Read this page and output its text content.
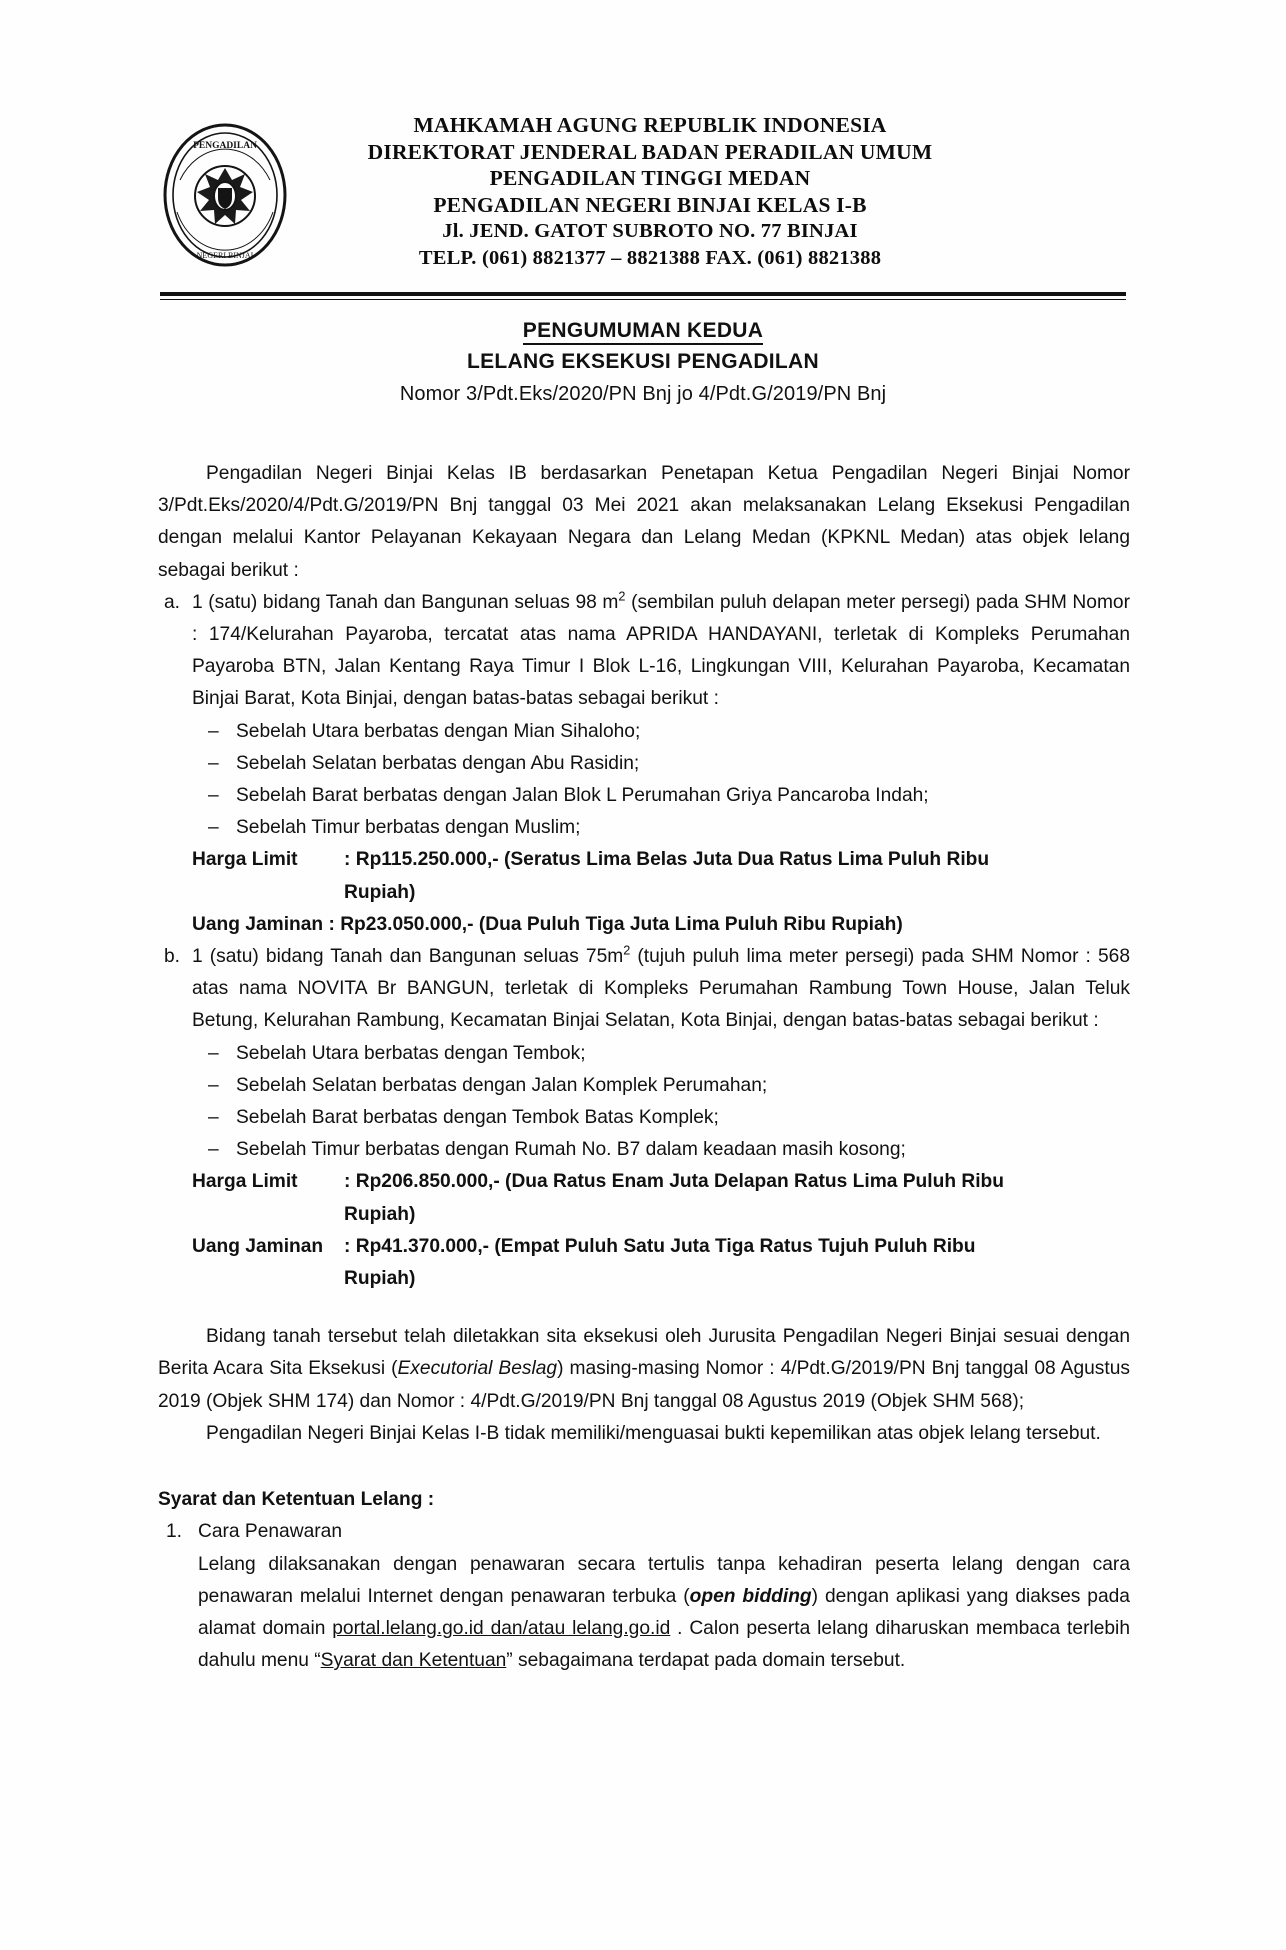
PENGADILAN
NEGERI BINJAI
MAHKAMAH AGUNG REPUBLIK INDONESIA
DIREKTORAT JENDERAL BADAN PERADILAN UMUM
PENGADILAN TINGGI MEDAN
PENGADILAN NEGERI BINJAI KELAS I-B
Jl. JEND. GATOT SUBROTO NO. 77 BINJAI
TELP. (061) 8821377 – 8821388 FAX. (061) 8821388
PENGUMUMAN KEDUA
LELANG EKSEKUSI PENGADILAN
Nomor 3/Pdt.Eks/2020/PN Bnj jo 4/Pdt.G/2019/PN Bnj

Pengadilan Negeri Binjai Kelas IB berdasarkan Penetapan Ketua Pengadilan Negeri Binjai Nomor 3/Pdt.Eks/2020/4/Pdt.G/2019/PN Bnj tanggal 03 Mei 2021 akan melaksanakan Lelang Eksekusi Pengadilan dengan melalui Kantor Pelayanan Kekayaan Negara dan Lelang Medan (KPKNL Medan) atas objek lelang sebagai berikut :

a. 1 (satu) bidang Tanah dan Bangunan seluas 98 $m^2$ (sembilan puluh delapan meter persegi) pada SHM Nomor : 174/Kelurahan Payaroba, tercatat atas nama APRIDA HANDAYANI, terletak di Kompleks Perumahan Payaroba BTN, Jalan Kentang Raya Timur I Blok L-16, Lingkungan VIII, Kelurahan Payaroba, Kecamatan Binjai Barat, Kota Binjai, dengan batas-batas sebagai berikut :
– Sebelah Utara berbatas dengan Mian Sihaloho;
– Sebelah Selatan berbatas dengan Abu Rasidin;
– Sebelah Barat berbatas dengan Jalan Blok L Perumahan Griya Pancaroba Indah;
– Sebelah Timur berbatas dengan Muslim;
Harga Limit	: Rp115.250.000,- (Seratus Lima Belas Juta Dua Ratus Lima Puluh Ribu
Rupiah)
Uang Jaminan : Rp23.050.000,- (Dua Puluh Tiga Juta Lima Puluh Ribu Rupiah)
b. 1 (satu) bidang Tanah dan Bangunan seluas $75m^2$ (tujuh puluh lima meter persegi) pada SHM Nomor : 568 atas nama NOVITA Br BANGUN, terletak di Kompleks Perumahan Rambung Town House, Jalan Teluk Betung, Kelurahan Rambung, Kecamatan Binjai Selatan, Kota Binjai, dengan batas-batas sebagai berikut :
– Sebelah Utara berbatas dengan Tembok;
– Sebelah Selatan berbatas dengan Jalan Komplek Perumahan;
– Sebelah Barat berbatas dengan Tembok Batas Komplek;
– Sebelah Timur berbatas dengan Rumah No. B7 dalam keadaan masih kosong;
Harga Limit	: Rp206.850.000,- (Dua Ratus Enam Juta Delapan Ratus Lima Puluh Ribu
Rupiah)
Uang Jaminan	: Rp41.370.000,- (Empat Puluh Satu Juta Tiga Ratus Tujuh Puluh Ribu
Rupiah)

Bidang tanah tersebut telah diletakkan sita eksekusi oleh Jurusita Pengadilan Negeri Binjai sesuai dengan Berita Acara Sita Eksekusi (Executorial Beslag) masing-masing Nomor : 4/Pdt.G/2019/PN Bnj tanggal 08 Agustus 2019 (Objek SHM 174) dan Nomor : 4/Pdt.G/2019/PN Bnj tanggal 08 Agustus 2019 (Objek SHM 568);

Pengadilan Negeri Binjai Kelas I-B tidak memiliki/menguasai bukti kepemilikan atas objek lelang tersebut.

Syarat dan Ketentuan Lelang :

1. Cara Penawaran
Lelang dilaksanakan dengan penawaran secara tertulis tanpa kehadiran peserta lelang dengan cara penawaran melalui Internet dengan penawaran terbuka (open bidding) dengan aplikasi yang diakses pada alamat domain portal.lelang.go.id dan/atau lelang.go.id . Calon peserta lelang diharuskan membaca terlebih dahulu menu “Syarat dan Ketentuan” sebagaimana terdapat pada domain tersebut.
